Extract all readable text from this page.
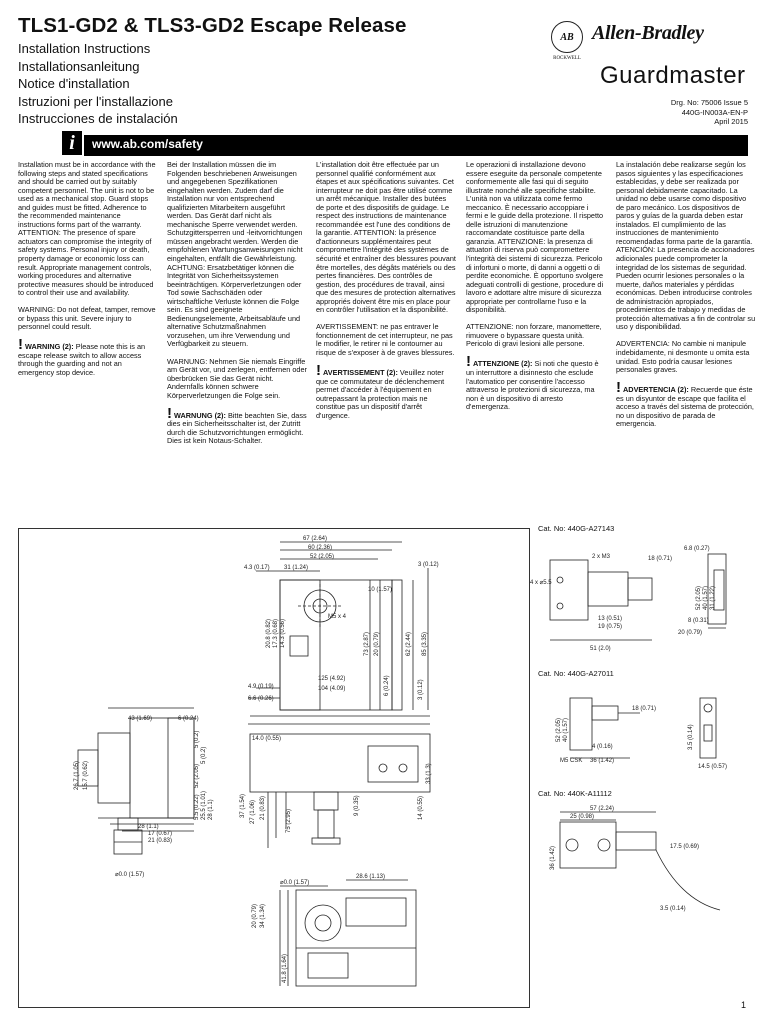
TLS1-GD2 & TLS3-GD2 Escape Release
Installation Instructions
Installationsanleitung
Notice d'installation
Istruzioni per l'installazione
Instrucciones de instalación
AB
ROCKWELL
Allen-Bradley
Guardmaster
Drg. No: 75006 Issue 5
440G-IN003A-EN-P
April 2015
i	www.ab.com/safety

Installation must be in accordance with the following steps and stated specifications and should be carried out by suitably competent personnel. The unit is not to be used as a mechanical stop. Guard stops and guides must be fitted. Adherence to the recommended maintenance instructions forms part of the warranty. ATTENTION: The presence of spare actuators can compromise the integrity of safety systems. Personal injury or death, property damage or economic loss can result. Appropriate management controls, working procedures and alternative protective measures should be introduced to control their use and availability.

WARNING: Do not defeat, tamper, remove or bypass this unit. Severe injury to personnel could result.

! WARNING (2): Please note this is an escape release switch to allow access through the guarding and not an emergency stop device.

Bei der Installation müssen die im Folgenden beschriebenen Anweisungen und angegebenen Spezifikationen eingehalten werden. Zudem darf die Installation nur von entsprechend qualifizierten Mitarbeitern ausgeführt werden. Das Gerät darf nicht als mechanische Sperre verwendet werden. Schutzgittersperren und -leitvorrichtungen müssen angebracht werden. Werden die empfohlenen Wartungsanweisungen nicht eingehalten, entfällt die Gewährleistung. ACHTUNG: Ersatzbetätiger können die Integrität von Sicherheitssystemen beeinträchtigen. Körperverletzungen oder Tod sowie Sachschäden oder wirtschaftliche Verluste können die Folge sein. Es sind geeignete Bedienungselemente, Arbeitsabläufe und alternative Schutzmaßnahmen vorzusehen, um ihre Verwendung und Verfügbarkeit zu steuern.

WARNUNG: Nehmen Sie niemals Eingriffe am Gerät vor, und zerlegen, entfernen oder überbrücken Sie das Gerät nicht. Andernfalls können schwere Körperverletzungen die Folge sein.

! WARNUNG (2): Bitte beachten Sie, dass dies ein Sicherheitsschalter ist, der Zutritt durch die Schutzvorrichtungen ermöglicht. Dies ist kein Notaus-Schalter.

L'installation doit être effectuée par un personnel qualifié conformément aux étapes et aux spécifications suivantes. Cet interrupteur ne doit pas être utilisé comme un arrêt mécanique. Installer des butées de porte et des dispositifs de guidage. Le respect des instructions de maintenance recommandée est l'une des conditions de la garantie. ATTENTION: la présence d'actionneurs supplémentaires peut compromettre l'intégrité des systèmes de sécurité et entraîner des blessures pouvant être mortelles, des dégâts matériels ou des pertes financières. Des contrôles de gestion, des procédures de travail, ainsi que des mesures de protection alternatives appropriés doivent être mis en place pour en contrôler l'utilisation et la disponibilité.

AVERTISSEMENT: ne pas entraver le fonctionnement de cet interrupteur, ne pas le modifier, le retirer ni le contourner au risque de s'exposer à de graves blessures.

! AVERTISSEMENT (2): Veuillez noter que ce commutateur de déclenchement permet d'accéder à l'équipement en outrepassant la protection mais ne constitue pas un dispositif d'arrêt d'urgence.

Le operazioni di installazione devono essere eseguite da personale competente conformemente alle fasi qui di seguito illustrate nonché alle specifiche stabilite. L'unità non va utilizzata come fermo meccanico. È necessario accoppiare i fermi e le guide della protezione. Il rispetto delle istruzioni di manutenzione raccomandate costituisce parte della garanzia. ATTENZIONE: la presenza di attuatori di riserva può compromettere l'integrità dei sistemi di sicurezza. Pericolo di infortuni o morte, di danni a oggetti o di perdite economiche. È opportuno svolgere adeguati controlli di gestione, procedure di lavoro e adottare altre misure di sicurezza appropriate per controllarne l'uso e la disponibilità.

ATTENZIONE: non forzare, manomettere, rimuovere o bypassare questa unità. Pericolo di gravi lesioni alle persone.

! ATTENZIONE (2): Si noti che questo è un interruttore a disinnesto che esclude l'automatico per consentire l'accesso attraverso le protezioni di sicurezza, ma non è un dispositivo di arresto d'emergenza.

La instalación debe realizarse según los pasos siguientes y las especificaciones establecidas, y debe ser realizada por personal debidamente capacitado. La unidad no debe usarse como dispositivo de paro mecánico. Los dispositivos de paros y guías de la guarda deben estar instalados. El cumplimiento de las instrucciones de mantenimiento recomendadas forma parte de la garantía. ATENCIÓN: La presencia de accionadores adicionales puede comprometer la integridad de los sistemas de seguridad. Pueden ocurrir lesiones personales o la muerte, daños materiales y pérdidas económicas. Deben introducirse controles de administración apropiados, procedimientos de trabajo y medidas de protección alternativas a fin de controlar su uso y disponibilidad.

ADVERTENCIA: No cambie ni manipule indebidamente, ni desmonte u omita esta unidad. Esto podría causar lesiones personales graves.

! ADVERTENCIA (2): Recuerde que éste es un disyuntor de escape que facilita el acceso a través del sistema de protección, no un dispositivo de parada de emergencia.
67 (2.64)
60 (2.36)
52 (2.05)
4.3 (0.17) 31 (1.24)	3 (0.12)
10 (1.57)
M5 x 4
4.9 (0.19)
6.6 (0.26)
125 (4.92)
104 (4.09)
43 (1.69)	6 (0.24)
14.0 (0.55)
28 (1.1)
17 (0.67)
21 (0.83)
⌀0.0 (1.57)
⌀0.0 (1.57)
28.6 (1.13)
20.8 (0.82) 17.3 (0.68) 14.3 (0.56)	73 (2.87) 20 (0.79)	62 (2.44) 85 (3.35)
6 (0.24)	3 (0.12)
26.7 (1.05) 15.7 (0.62)
5 (0.2)
5 (0.2)
52 (2.05)
5.5 (0.22) 25.5 (1.01) 28 (1.1)	37 (1.54) 27 (1.06) 21 (0.83)
75 (2.95)
9 (0.35)
33 (1.3)
14 (0.55)
34 (1.34)
20 (0.79)
41.8 (1.64)
Cat. No: 440G-A27143
Cat. No: 440G-A27011
Cat. No: 440K-A11112
2 x M3
4 x ⌀5.5
18 (0.71)
13 (0.51)
19 (0.75)
51 (2.0)
6.8 (0.27)
8 (0.31)
20 (0.79)
18 (0.71)
4 (0.16)
M5 CSK 36 (1.42)
14.5 (0.57)
57 (2.24)
25 (0.98)
17.5 (0.69)
3.5 (0.14)
52 (2.05) 40 (1.57) 31 (1.22)
52 (2.05) 40 (1.57)	3.5 (0.14)
36 (1.42)
1
